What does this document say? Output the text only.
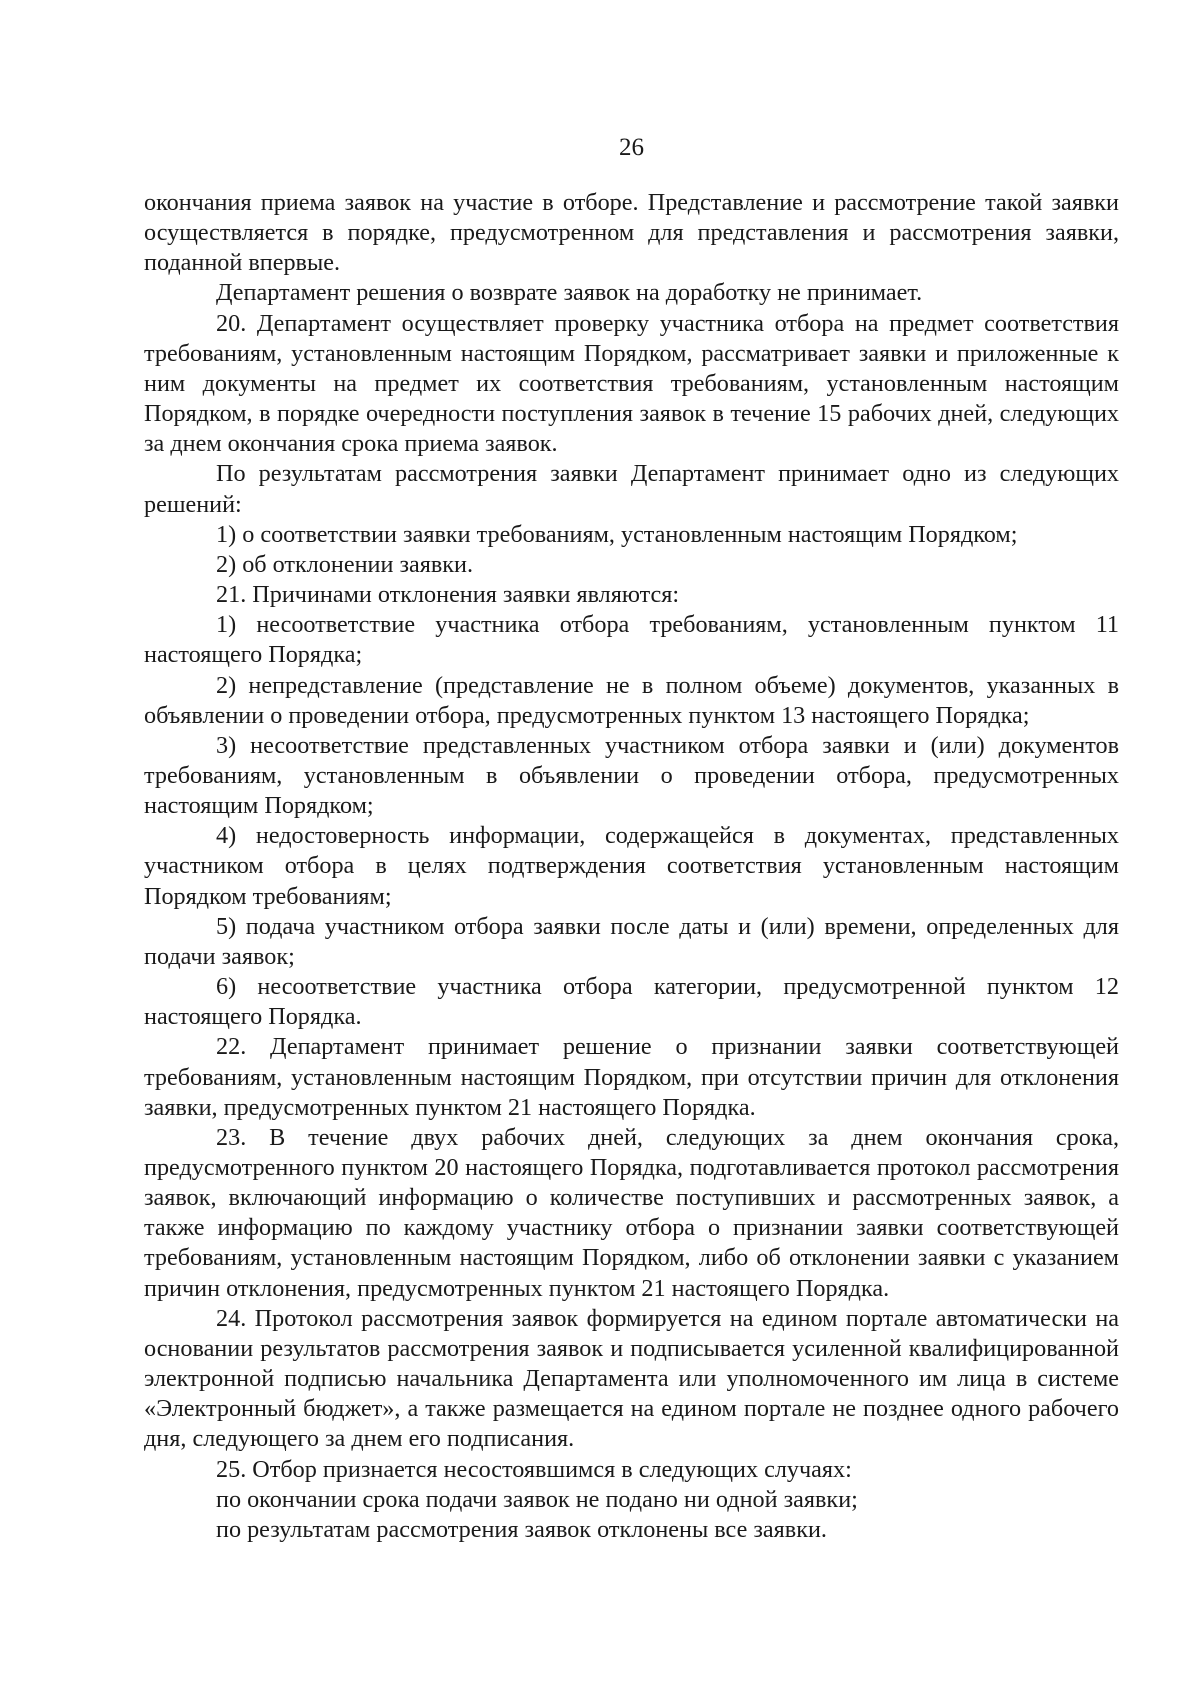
26

окончания приема заявок на участие в отборе. Представление и рассмотрение такой заявки осуществляется в порядке, предусмотренном для представления и рассмотрения заявки, поданной впервые.

Департамент решения о возврате заявок на доработку не принимает.

20. Департамент осуществляет проверку участника отбора на предмет соответствия требованиям, установленным настоящим Порядком, рассматривает заявки и приложенные к ним документы на предмет их соответствия требованиям, установленным настоящим Порядком, в порядке очередности поступления заявок в течение 15 рабочих дней, следующих за днем окончания срока приема заявок.

По результатам рассмотрения заявки Департамент принимает одно из следующих решений:

1) о соответствии заявки требованиям, установленным настоящим Порядком;

2) об отклонении заявки.

21. Причинами отклонения заявки являются:

1) несоответствие участника отбора требованиям, установленным пунктом 11 настоящего Порядка;

2) непредставление (представление не в полном объеме) документов, указанных в объявлении о проведении отбора, предусмотренных пунктом 13 настоящего Порядка;

3) несоответствие представленных участником отбора заявки и (или) документов требованиям, установленным в объявлении о проведении отбора, предусмотренных настоящим Порядком;

4) недостоверность информации, содержащейся в документах, представленных участником отбора в целях подтверждения соответствия установленным настоящим Порядком требованиям;

5) подача участником отбора заявки после даты и (или) времени, определенных для подачи заявок;

6) несоответствие участника отбора категории, предусмотренной пунктом 12 настоящего Порядка.

22. Департамент принимает решение о признании заявки соответствующей требованиям, установленным настоящим Порядком, при отсутствии причин для отклонения заявки, предусмотренных пунктом 21 настоящего Порядка.

23. В течение двух рабочих дней, следующих за днем окончания срока, предусмотренного пунктом 20 настоящего Порядка, подготавливается протокол рассмотрения заявок, включающий информацию о количестве поступивших и рассмотренных заявок, а также информацию по каждому участнику отбора о признании заявки соответствующей требованиям, установленным настоящим Порядком, либо об отклонении заявки с указанием причин отклонения, предусмотренных пунктом 21 настоящего Порядка.

24. Протокол рассмотрения заявок формируется на едином портале автоматически на основании результатов рассмотрения заявок и подписывается усиленной квалифицированной электронной подписью начальника Департамента или уполномоченного им лица в системе «Электронный бюджет», а также размещается на едином портале не позднее одного рабочего дня, следующего за днем его подписания.

25. Отбор признается несостоявшимся в следующих случаях:

по окончании срока подачи заявок не подано ни одной заявки;

по результатам рассмотрения заявок отклонены все заявки.
